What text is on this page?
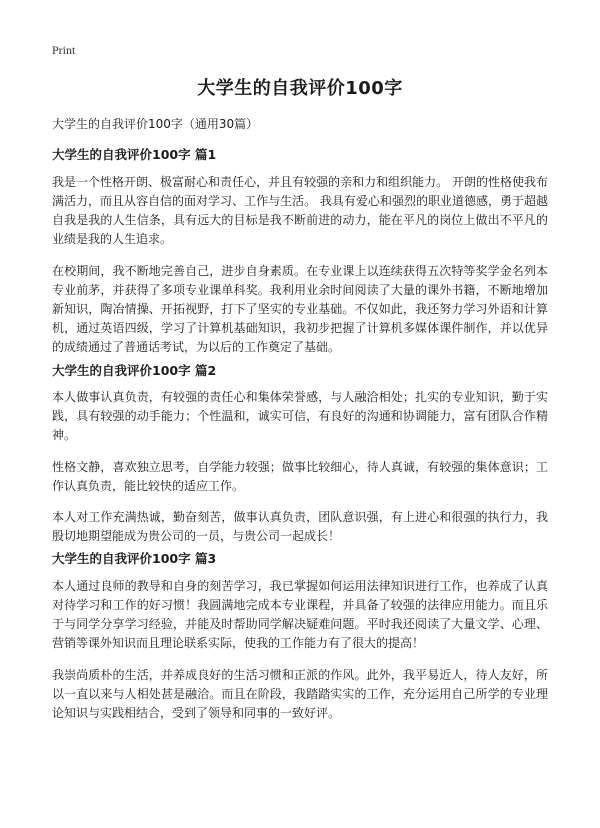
Print
大学生的自我评价100字
大学生的自我评价100字（通用30篇）
大学生的自我评价100字 篇1

我是一个性格开朗、极富耐心和责任心，并且有较强的亲和力和组织能力。 开朗的性格使我布满活力，而且从容自信的面对学习、工作与生活。 我具有爱心和强烈的职业道德感，勇于超越自我是我的人生信条，具有远大的目标是我不断前进的动力，能在平凡的岗位上做出不平凡的业绩是我的人生追求。

在校期间，我不断地完善自己，进步自身素质。在专业课上以连续获得五次特等奖学金名列本专业前茅，并获得了多项专业课单科奖。我利用业余时间阅读了大量的课外书籍，不断地增加新知识，陶冶情操、开拓视野，打下了坚实的专业基础。不仅如此，我还努力学习外语和计算机，通过英语四级，学习了计算机基础知识，我初步把握了计算机多媒体课件制作，并以优异的成绩通过了普通话考试，为以后的工作奠定了基础。

大学生的自我评价100字 篇2

本人做事认真负责，有较强的责任心和集体荣誉感，与人融洽相处；扎实的专业知识，勤于实践，具有较强的动手能力；个性温和，诚实可信，有良好的沟通和协调能力，富有团队合作精神。

性格文静，喜欢独立思考，自学能力较强；做事比较细心，待人真诚，有较强的集体意识；工作认真负责，能比较快的适应工作。

本人对工作充满热诚，勤奋刻苦，做事认真负责，团队意识强，有上进心和很强的执行力，我殷切地期望能成为贵公司的一员，与贵公司一起成长！

大学生的自我评价100字 篇3

本人通过良师的教导和自身的刻苦学习，我已掌握如何运用法律知识进行工作，也养成了认真对待学习和工作的好习惯！我圆满地完成本专业课程，并具备了较强的法律应用能力。而且乐于与同学分享学习经验，并能及时帮助同学解决疑难问题。平时我还阅读了大量文学、心理、营销等课外知识而且理论联系实际，使我的工作能力有了很大的提高！

我崇尚质朴的生活，并养成良好的生活习惯和正派的作风。此外，我平易近人，待人友好，所以一直以来与人相处甚是融洽。而且在阶段，我踏踏实实的工作，充分运用自己所学的专业理论知识与实践相结合，受到了领导和同事的一致好评。
